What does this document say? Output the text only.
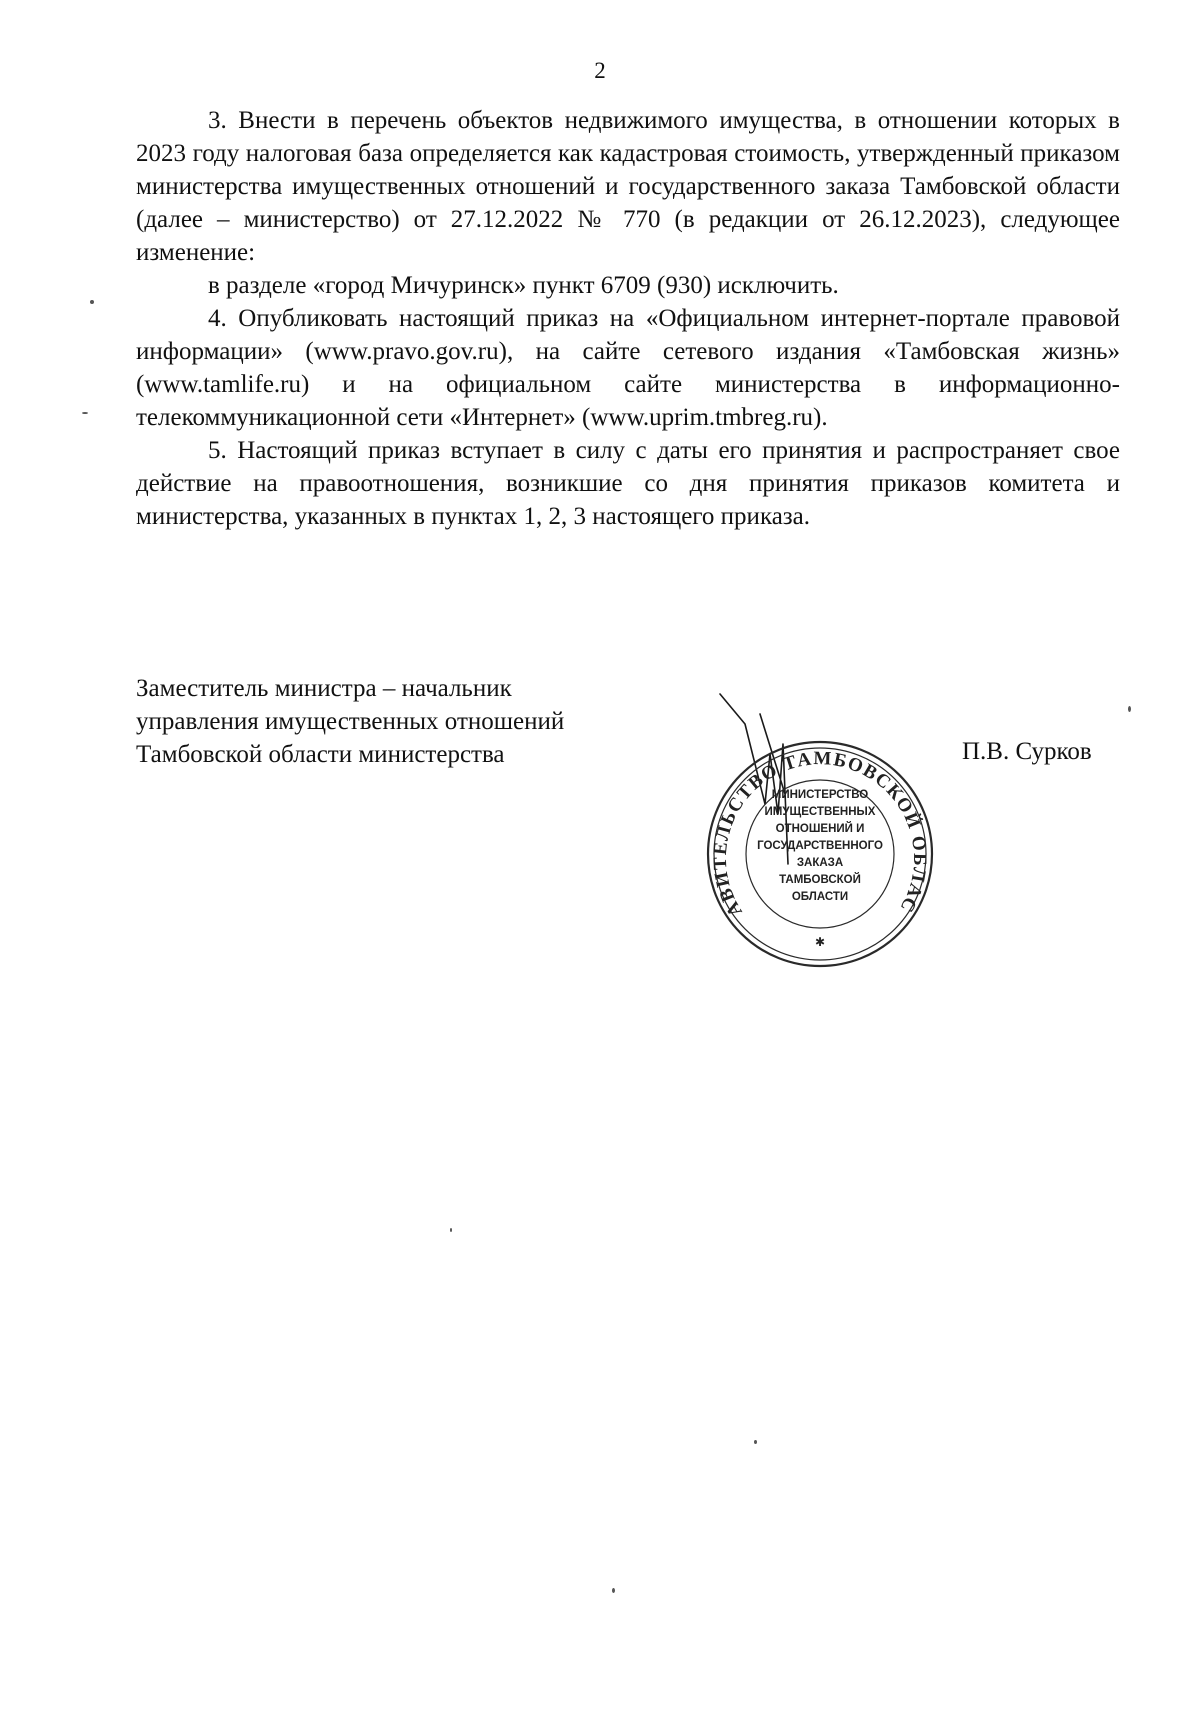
2

3. Внести в перечень объектов недвижимого имущества, в отношении которых в 2023 году налоговая база определяется как кадастровая стоимость, утвержденный приказом министерства имущественных отношений и государственного заказа Тамбовской области (далее – министерство) от 27.12.2022 № 770 (в редакции от 26.12.2023), следующее изменение:

в разделе «город Мичуринск» пункт 6709 (930) исключить.

4. Опубликовать настоящий приказ на «Официальном интернет-портале правовой информации» (www.pravo.gov.ru), на сайте сетевого издания «Тамбовская жизнь» (www.tamlife.ru) и на официальном сайте министерства в информационно-телекоммуникационной сети «Интернет» (www.uprim.tmbreg.ru).

5. Настоящий приказ вступает в силу с даты его принятия и распространяет свое действие на правоотношения, возникшие со дня принятия приказов комитета и министерства, указанных в пунктах 1, 2, 3 настоящего приказа.

Заместитель министра – начальник
управления имущественных отношений
Тамбовской области министерства	П.В. Сурков
АВИТЕЛЬСТВО ТАМБОВСКОЙ ОБЛАС
МИНИСТЕРСТВО
ИМУЩЕСТВЕННЫХ
ОТНОШЕНИЙ И
ГОСУДАРСТВЕННОГО
ЗАКАЗА
ТАМБОВСКОЙ
ОБЛАСТИ
✱
